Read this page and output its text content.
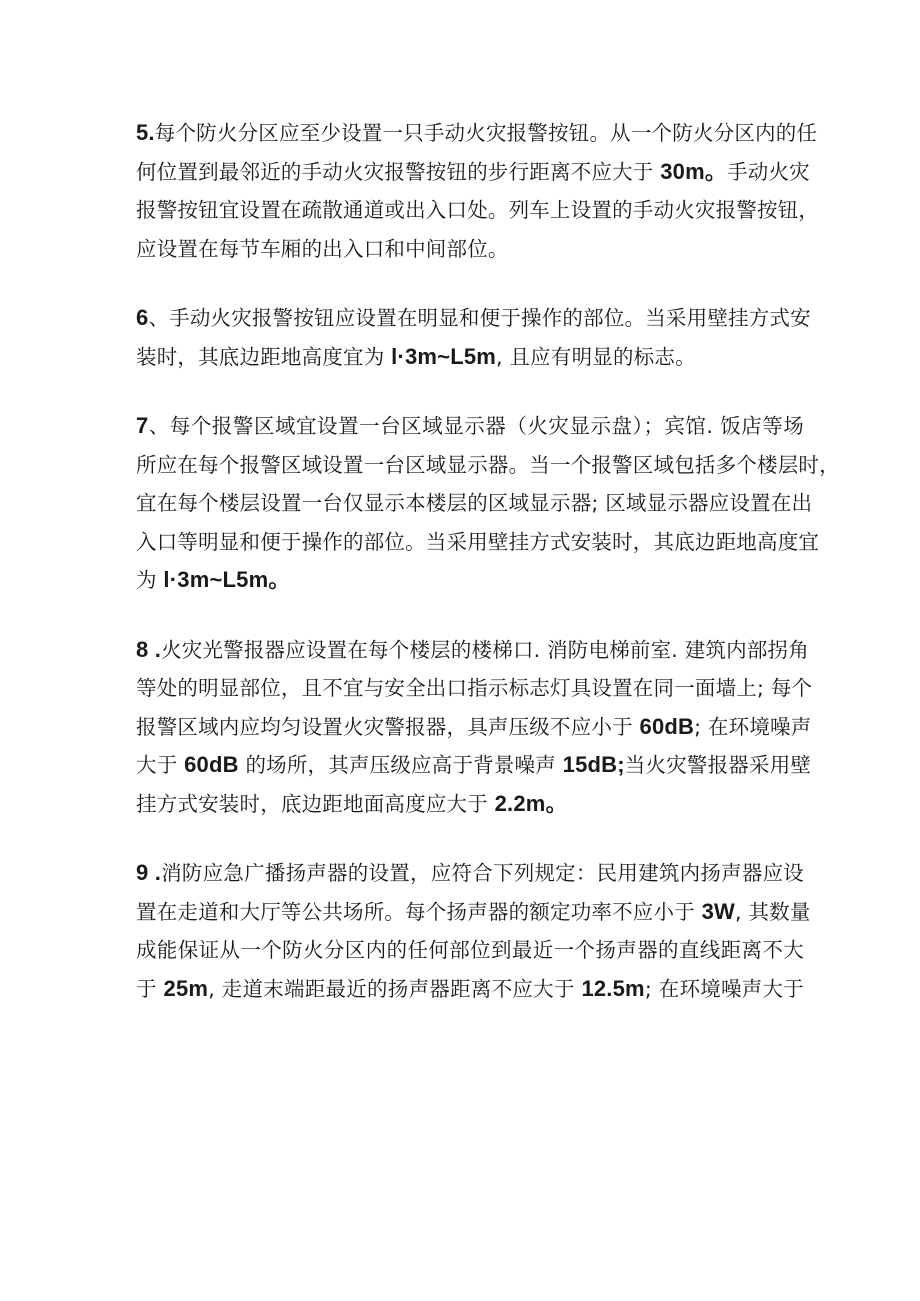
5.每个防火分区应至少设置一只手动火灾报警按钮。从一个防火分区内的任
何位置到最邻近的手动火灾报警按钮的步行距离不应大于 30m。手动火灾
报警按钮宜设置在疏散通道或出入口处。列车上设置的手动火灾报警按钮，
应设置在每节车厢的出入口和中间部位。
6、手动火灾报警按钮应设置在明显和便于操作的部位。当采用壁挂方式安
装时，其底边距地高度宜为 l·3m~L5m, 且应有明显的标志。
7、每个报警区域宜设置一台区域显示器（火灾显示盘）；宾馆. 饭店等场
所应在每个报警区域设置一台区域显示器。当一个报警区域包括多个楼层时，
宜在每个楼层设置一台仅显示本楼层的区域显示器; 区域显示器应设置在出
入口等明显和便于操作的部位。当采用壁挂方式安装时，其底边距地高度宜
为 l·3m~L5m。
8 .火灾光警报器应设置在每个楼层的楼梯口. 消防电梯前室. 建筑内部拐角
等处的明显部位，且不宜与安全出口指示标志灯具设置在同一面墙上; 每个
报警区域内应均匀设置火灾警报器，具声压级不应小于 60dB; 在环境噪声
大于 60dB 的场所，其声压级应高于背景噪声 15dB;当火灾警报器采用壁
挂方式安装时，底边距地面高度应大于 2.2m。
9 .消防应急广播扬声器的设置，应符合下列规定：民用建筑内扬声器应设
置在走道和大厅等公共场所。每个扬声器的额定功率不应小于 3W, 其数量
成能保证从一个防火分区内的任何部位到最近一个扬声器的直线距离不大
于 25m, 走道末端距最近的扬声器距离不应大于 12.5m; 在环境噪声大于
